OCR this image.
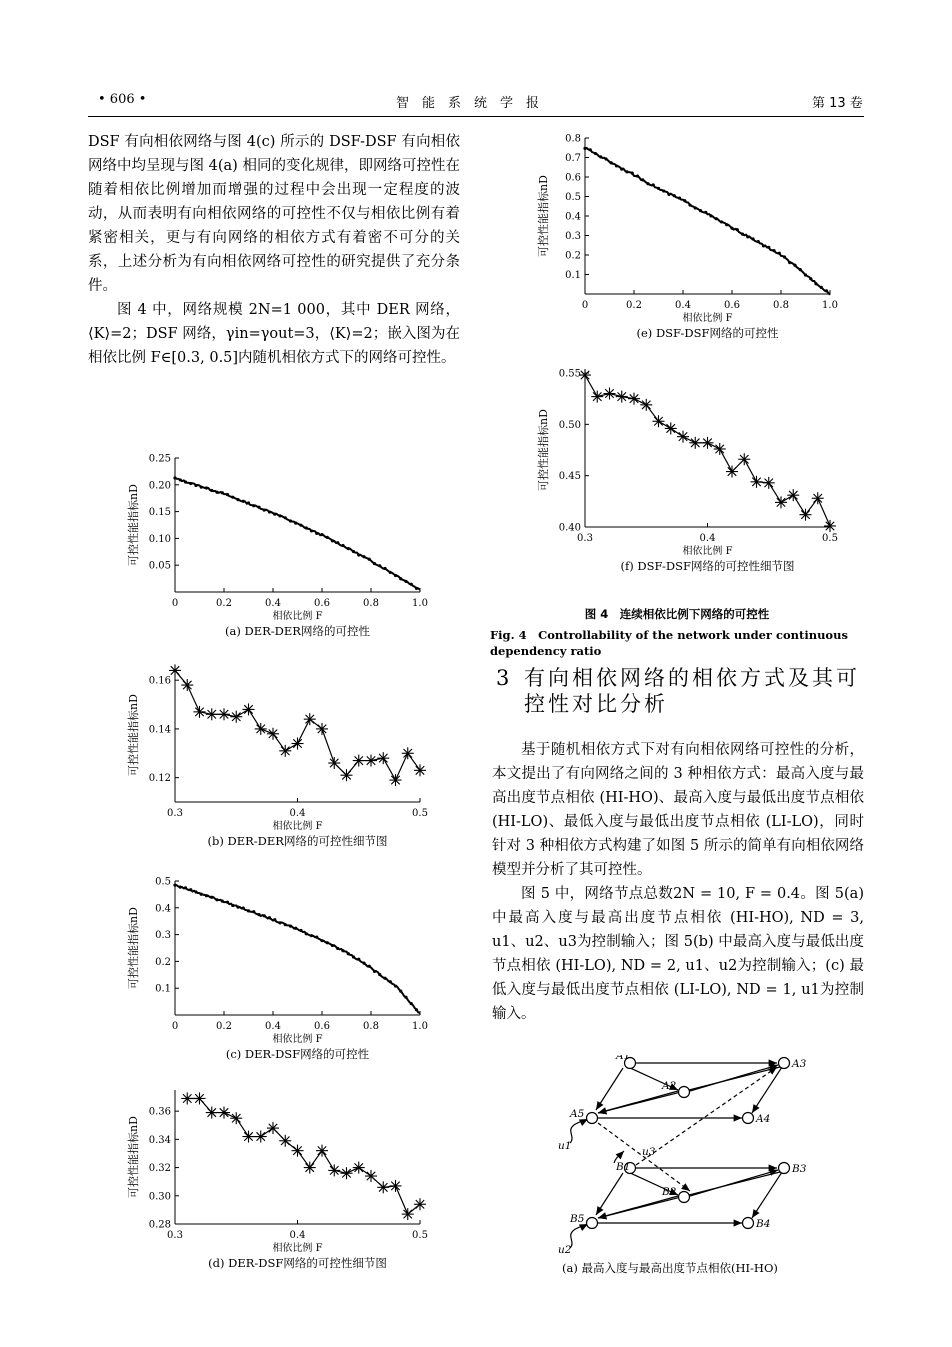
• 606 •	智　能　系　统　学　报	第 13 卷

DSF 有向相依网络与图 4(c) 所示的 DSF-DSF 有向相依网络中均呈现与图 4(a) 相同的变化规律，即网络可控性在随着相依比例增加而增强的过程中会出现一定程度的波动，从而表明有向相依网络的可控性不仅与相依比例有着紧密相关，更与有向网络的相依方式有着密不可分的关系，上述分析为有向相依网络可控性的研究提供了充分条件。

图 4 中，网络规模 2N=1 000，其中 DER 网络，⟨K⟩=2；DSF 网络，γin=γout=3，⟨K⟩=2；嵌入图为在相依比例 F∈[0.3, 0.5]内随机相依方式下的网络可控性。

0	0.2	0.4	0.6	0.8	1.0
0.05
0.10
0.15
0.20
0.25
相依比例 F
可控性能指标nD
(a) DER-DER网络的可控性
0.3	0.4	0.5
0.12
0.14
0.16
相依比例 F
可控性能指标nD
(b) DER-DER网络的可控性细节图
0	0.2	0.4	0.6	0.8	1.0
0.1
0.2
0.3
0.4
0.5
相依比例 F
可控性能指标nD
(c) DER-DSF网络的可控性
0.3	0.4	0.5
0.28
0.30
0.32
0.34
0.36
相依比例 F
可控性能指标nD
(d) DER-DSF网络的可控性细节图
0	0.2	0.4	0.6	0.8	1.0
0.1
0.2
0.3
0.4
0.5
0.6
0.7
0.8
相依比例 F
可控性能指标nD
(e) DSF-DSF网络的可控性
0.3	0.4	0.5
0.40
0.45
0.50
0.55
相依比例 F
可控性能指标nD
(f) DSF-DSF网络的可控性细节图
图 4　连续相依比例下网络的可控性
Fig. 4　Controllability of the network under continuous dependency ratio
3 有向相依网络的相依方式及其可

控性对比分析

基于随机相依方式下对有向相依网络可控性的分析，本文提出了有向网络之间的 3 种相依方式：最高入度与最高出度节点相依 (HI-HO)、最高入度与最低出度节点相依 (HI-LO)、最低入度与最低出度节点相依 (LI-LO)，同时针对 3 种相依方式构建了如图 5 所示的简单有向相依网络模型并分析了其可控性。

图 5 中，网络节点总数2N = 10, F = 0.4。图 5(a) 中最高入度与最高出度节点相依 (HI-HO), ND = 3, u1、u2、u3为控制输入；图 5(b) 中最高入度与最低出度节点相依 (HI-LO), ND = 2, u1、u2为控制输入；(c) 最低入度与最低出度节点相依 (LI-LO), ND = 1, u1为控制输入。

A1
A2
A3
A4
A5
B1
B2
B3
B4
B5
u1
u2
u3
(a) 最高入度与最高出度节点相依(HI-HO)
